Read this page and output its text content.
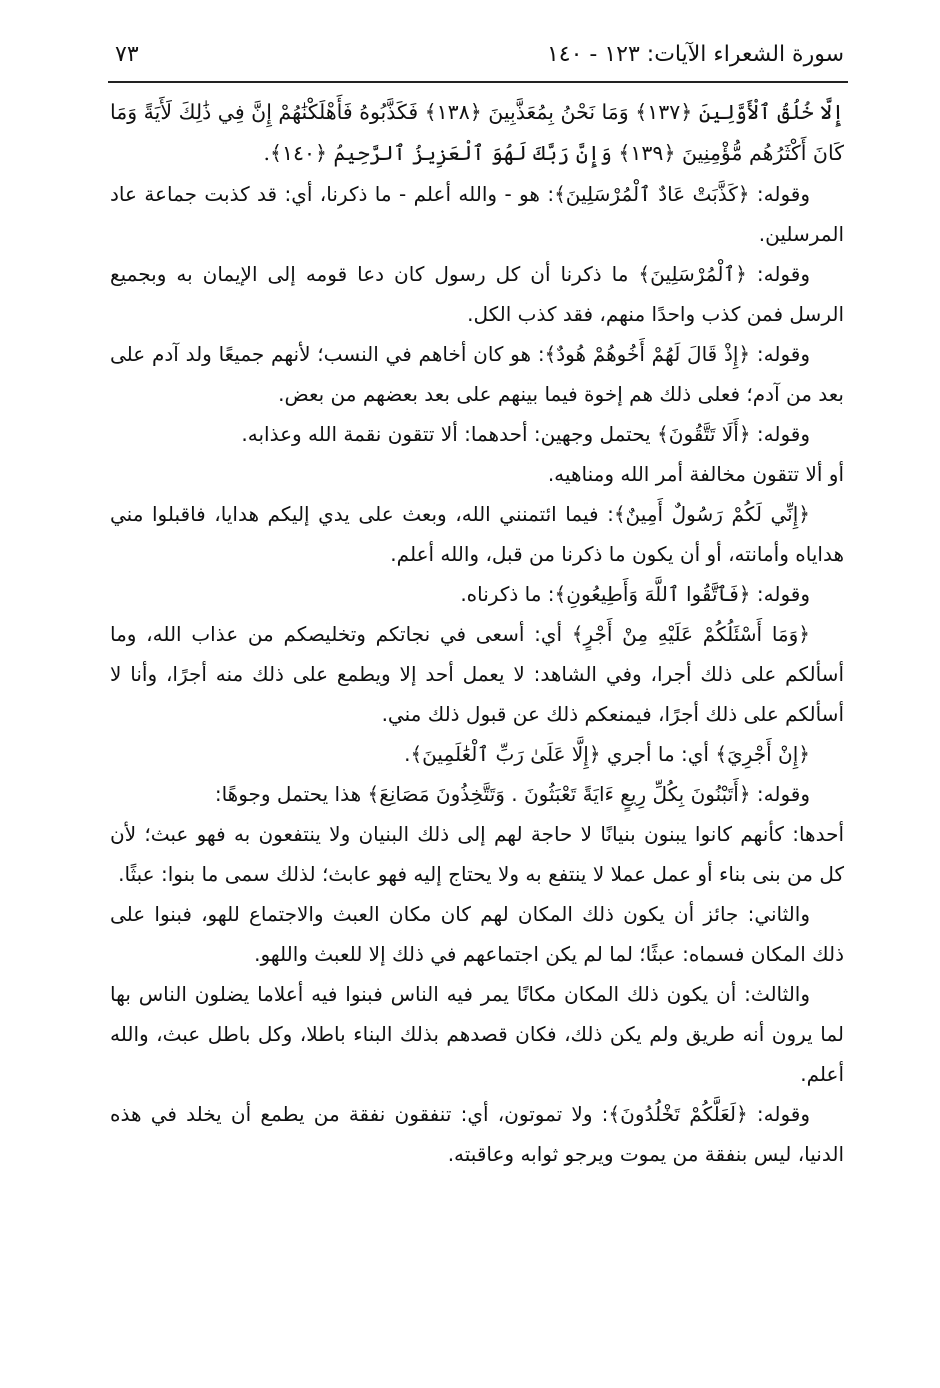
سورة الشعراء الآيات: ١٢٣ - ١٤٠
٧٣

إِلَّا خُلُقُ ٱلْأَوَّلِينَ ﴿١٣٧﴾ وَمَا نَحْنُ بِمُعَذَّبِينَ ﴿١٣٨﴾ فَكَذَّبُوهُ فَأَهْلَكْنَٰهُمْ إِنَّ فِي ذَٰلِكَ لَأَيَةً وَمَا كَانَ أَكْثَرُهُم مُّؤْمِنِينَ ﴿١٣٩﴾ وَإِنَّ رَبَّكَ لَهُوَ ٱلْعَزِيزُ ٱلرَّحِيمُ ﴿١٤٠﴾.

وقوله: ﴿كَذَّبَتْ عَادٌ ٱلْمُرْسَلِينَ﴾: هو - والله أعلم - ما ذكرنا، أي: قد كذبت جماعة عاد المرسلين.

وقوله: ﴿ٱلْمُرْسَلِينَ﴾ ما ذكرنا أن كل رسول كان دعا قومه إلى الإيمان به وبجميع الرسل فمن كذب واحدًا منهم، فقد كذب الكل.

وقوله: ﴿إِذْ قَالَ لَهُمْ أَخُوهُمْ هُودٌ﴾: هو كان أخاهم في النسب؛ لأنهم جميعًا ولد آدم على بعد من آدم؛ فعلى ذلك هم إخوة فيما بينهم على بعد بعضهم من بعض.

وقوله: ﴿أَلَا تَتَّقُونَ﴾ يحتمل وجهين: أحدهما: ألا تتقون نقمة الله وعذابه.

أو ألا تتقون مخالفة أمر الله ومناهيه.

﴿إِنِّي لَكُمْ رَسُولٌ أَمِينٌ﴾: فيما ائتمنني الله، وبعث على يدي إليكم هدايا، فاقبلوا مني هداياه وأمانته، أو أن يكون ما ذكرنا من قبل، والله أعلم.

وقوله: ﴿فَٱتَّقُوا ٱللَّهَ وَأَطِيعُونِ﴾: ما ذكرناه.

﴿وَمَا أَسْئَلُكُمْ عَلَيْهِ مِنْ أَجْرٍ﴾ أي: أسعى في نجاتكم وتخليصكم من عذاب الله، وما أسألكم على ذلك أجرا، وفي الشاهد: لا يعمل أحد إلا ويطمع على ذلك منه أجرًا، وأنا لا أسألكم على ذلك أجرًا، فيمنعكم ذلك عن قبول ذلك مني.

﴿إِنْ أَجْرِيَ﴾ أي: ما أجري ﴿إِلَّا عَلَىٰ رَبِّ ٱلْعَٰلَمِينَ﴾.

وقوله: ﴿أَتَبْنُونَ بِكُلِّ رِيعٍ ءَايَةً تَعْبَثُونَ . وَتَتَّخِذُونَ مَصَانِعَ﴾ هذا يحتمل وجوهًا:

أحدها: كأنهم كانوا يبنون بنيانًا لا حاجة لهم إلى ذلك البنيان ولا ينتفعون به فهو عبث؛ لأن كل من بنى بناء أو عمل عملا لا ينتفع به ولا يحتاج إليه فهو عابث؛ لذلك سمى ما بنوا: عبثًا.

والثاني: جائز أن يكون ذلك المكان لهم كان مكان العبث والاجتماع للهو، فبنوا على ذلك المكان فسماه: عبثًا؛ لما لم يكن اجتماعهم في ذلك إلا للعبث واللهو.

والثالث: أن يكون ذلك المكان مكانًا يمر فيه الناس فبنوا فيه أعلاما يضلون الناس بها لما يرون أنه طريق ولم يكن ذلك، فكان قصدهم بذلك البناء باطلا، وكل باطل عبث، والله أعلم.

وقوله: ﴿لَعَلَّكُمْ تَخْلُدُونَ﴾: ولا تموتون، أي: تنفقون نفقة من يطمع أن يخلد في هذه الدنيا، ليس بنفقة من يموت ويرجو ثوابه وعاقبته.
